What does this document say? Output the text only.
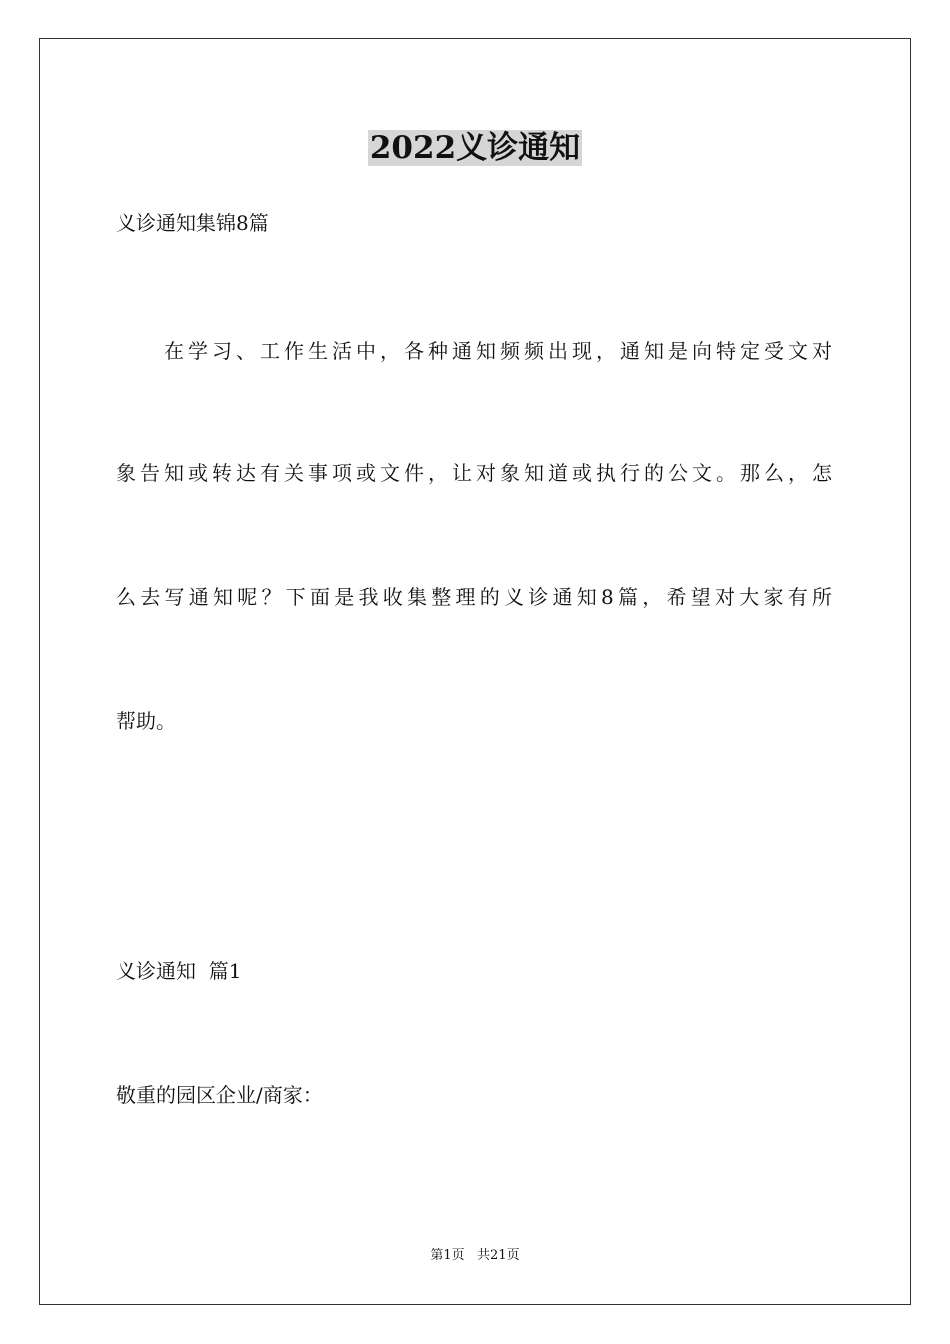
2022义诊通知
义诊通知集锦8篇
在学习、工作生活中，各种通知频频出现，通知是向特定受文对
象告知或转达有关事项或文件，让对象知道或执行的公文。那么，怎
么去写通知呢？下面是我收集整理的义诊通知8篇，希望对大家有所
帮助。
义诊通知  篇1
敬重的园区企业/商家：
第1页   共21页
